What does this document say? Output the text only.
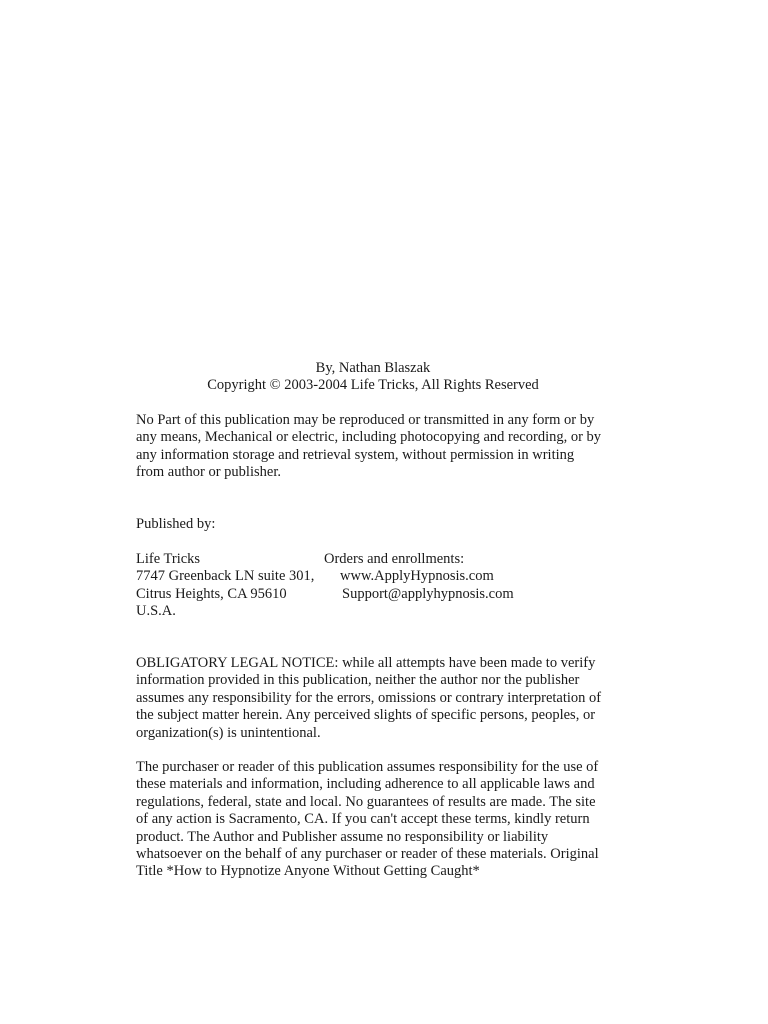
By, Nathan Blaszak
Copyright © 2003-2004 Life Tricks, All Rights Reserved
No Part of this publication may be reproduced or transmitted in any form or by
any means, Mechanical or electric, including photocopying and recording, or by
any information storage and retrieval system, without permission in writing
from author or publisher.
Published by:
Life Tricks	Orders and enrollments:
7747 Greenback LN suite 301, www.ApplyHypnosis.com
Citrus Heights, CA 95610	Support@applyhypnosis.com
U.S.A.
OBLIGATORY LEGAL NOTICE: while all attempts have been made to verify
information provided in this publication, neither the author nor the publisher
assumes any responsibility for the errors, omissions or contrary interpretation of
the subject matter herein. Any perceived slights of specific persons, peoples, or
organization(s) is unintentional.
The purchaser or reader of this publication assumes responsibility for the use of
these materials and information, including adherence to all applicable laws and
regulations, federal, state and local. No guarantees of results are made. The site
of any action is Sacramento, CA. If you can't accept these terms, kindly return
product. The Author and Publisher assume no responsibility or liability
whatsoever on the behalf of any purchaser or reader of these materials. Original
Title *How to Hypnotize Anyone Without Getting Caught*
